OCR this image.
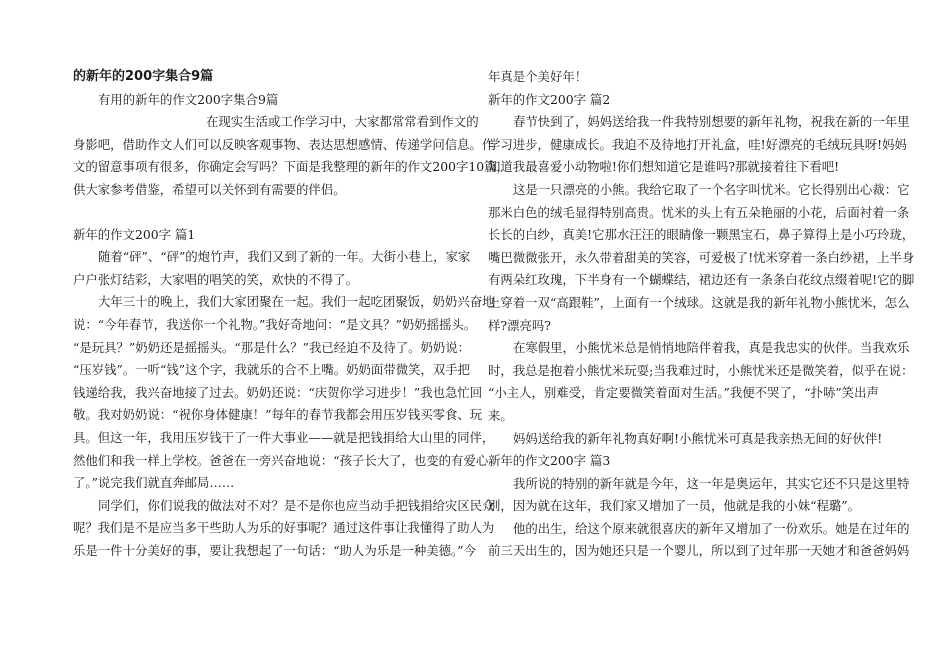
的新年的200字集合9篇

有用的新年的作文200字集合9篇

在现实生活或工作学习中，大家都常常看到作文的

身影吧，借助作文人们可以反映客观事物、表达思想感情、传递学问信息。作

文的留意事项有很多，你确定会写吗？下面是我整理的新年的作文200字10篇，

供大家参考借鉴，希望可以关怀到有需要的伴侣。

新年的作文200字 篇1

随着“砰”、“砰”的炮竹声，我们又到了新的一年。大街小巷上，家家

户户张灯结彩，大家唱的唱笑的笑，欢快的不得了。

大年三十的晚上，我们大家团聚在一起。我们一起吃团聚饭，奶奶兴奋地

说：“今年春节，我送你一个礼物。”我好奇地问：“是文具？”奶奶摇摇头。

“是玩具？”奶奶还是摇摇头。“那是什么？”我已经迫不及待了。奶奶说：

“压岁钱”。一听“钱”这个字，我就乐的合不上嘴。奶奶面带微笑，双手把

钱递给我，我兴奋地接了过去。奶奶还说：“庆贺你学习进步！”我也急忙回

敬。我对奶奶说：“祝你身体健康！”每年的春节我都会用压岁钱买零食、玩

具。但这一年，我用压岁钱干了一件大事业——就是把钱捐给大山里的同伴，

然他们和我一样上学校。爸爸在一旁兴奋地说：“孩子长大了，也变的有爱心

了。”说完我们就直奔邮局……

同学们，你们说我的做法对不对？是不是你也应当动手把钱捐给灾区民众

呢？我们是不是应当多干些助人为乐的好事呢？通过这件事让我懂得了助人为

乐是一件十分美好的事，要让我想起了一句话：“助人为乐是一种美德。”今

年真是个美好年！

新年的作文200字 篇2

春节快到了，妈妈送给我一件我特别想要的新年礼物，祝我在新的一年里

学习进步，健康成长。我迫不及待地打开礼盒，哇!好漂亮的毛绒玩具呀!妈妈

知道我最喜爱小动物啦!你们想知道它是谁吗?那就接着往下看吧!

这是一只漂亮的小熊。我给它取了一个名字叫忧米。它长得别出心裁：它

那米白色的绒毛显得特别高贵。忧米的头上有五朵艳丽的小花，后面衬着一条

长长的白纱，真美!它那水汪汪的眼睛像一颗黑宝石，鼻子算得上是小巧玲珑，

嘴巴微微张开，永久带着甜美的笑容，可爱极了!忧米穿着一条白纱裙，上半身

有两朵红玫瑰，下半身有一个蝴蝶结，裙边还有一条条白花纹点缀着呢!它的脚

上穿着一双“高跟鞋”，上面有一个绒球。这就是我的新年礼物小熊忧米，怎么

样?漂亮吗?

在寒假里，小熊忧米总是悄悄地陪伴着我，真是我忠实的伙伴。当我欢乐

时，我总是抱着小熊忧米玩耍;当我难过时，小熊忧米还是微笑着，似乎在说：

“小主人，别难受，肯定要微笑着面对生活。”我便不哭了，“扑哧”笑出声

来。

妈妈送给我的新年礼物真好啊!小熊忧米可真是我亲热无间的好伙伴!

新年的作文200字 篇3

我所说的特别的新年就是今年，这一年是奥运年，其实它还不只是这里特

别，因为就在这年，我们家又增加了一员，他就是我的小妹“程璐”。

他的出生，给这个原来就很喜庆的新年又增加了一份欢乐。她是在过年的

前三天出生的，因为她还只是一个婴儿，所以到了过年那一天她才和爸爸妈妈
